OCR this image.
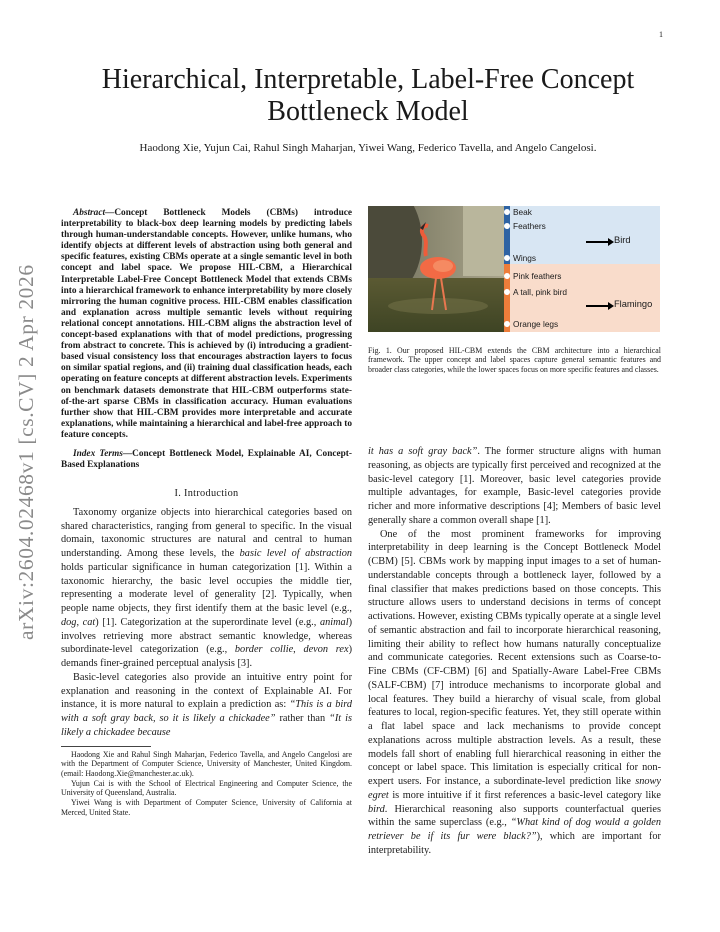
1
arXiv:2604.02468v1 [cs.CV] 2 Apr 2026
Hierarchical, Interpretable, Label-Free Concept Bottleneck Model
Haodong Xie, Yujun Cai, Rahul Singh Maharjan, Yiwei Wang, Federico Tavella, and Angelo Cangelosi.

Abstract—Concept Bottleneck Models (CBMs) introduce interpretability to black-box deep learning models by predicting labels through human-understandable concepts. However, unlike humans, who identify objects at different levels of abstraction using both general and specific features, existing CBMs operate at a single semantic level in both concept and label space. We propose HIL-CBM, a Hierarchical Interpretable Label-Free Concept Bottleneck Model that extends CBMs into a hierarchical framework to enhance interpretability by more closely mirroring the human cognitive process. HIL-CBM enables classification and explanation across multiple semantic levels without requiring relational concept annotations. HIL-CBM aligns the abstraction level of concept-based explanations with that of model predictions, progressing from abstract to concrete. This is achieved by (i) introducing a gradient-based visual consistency loss that encourages abstraction layers to focus on similar spatial regions, and (ii) training dual classification heads, each operating on feature concepts at different abstraction levels. Experiments on benchmark datasets demonstrate that HIL-CBM outperforms state-of-the-art sparse CBMs in classification accuracy. Human evaluations further show that HIL-CBM provides more interpretable and accurate explanations, while maintaining a hierarchical and label-free approach to feature concepts.

Index Terms—Concept Bottleneck Model, Explainable AI, Concept-Based Explanations

I. Introduction

Taxonomy organize objects into hierarchical categories based on shared characteristics, ranging from general to specific. In the visual domain, taxonomic structures are natural and central to human understanding. Among these levels, the basic level of abstraction holds particular significance in human categorization [1]. Within a taxonomic hierarchy, the basic level occupies the middle tier, representing a moderate level of generality [2]. Typically, when people name objects, they first identify them at the basic level (e.g., dog, cat) [1]. Categorization at the superordinate level (e.g., animal) involves retrieving more abstract semantic knowledge, whereas subordinate-level categorization (e.g., border collie, devon rex) demands finer-grained perceptual analysis [3].

Basic-level categories also provide an intuitive entry point for explanation and reasoning in the context of Explainable AI. For instance, it is more natural to explain a prediction as: “This is a bird with a soft gray back, so it is likely a chickadee” rather than “It is likely a chickadee because

Haodong Xie and Rahul Singh Maharjan, Federico Tavella, and Angelo Cangelosi are with the Department of Computer Science, University of Manchester, United Kingdom. (email: Haodong.Xie@manchester.ac.uk).

Yujun Cai is with the School of Electrical Engineering and Computer Science, the University of Queensland, Australia.

Yiwei Wang is with Department of Computer Science, University of California at Merced, United State.

Beak
Feathers
Wings
Pink feathers
A tall, pink bird
Orange legs
Bird
Flamingo
Fig. 1. Our proposed HIL-CBM extends the CBM architecture into a hierarchical framework. The upper concept and label spaces capture general semantic features and broader class categories, while the lower spaces focus on more specific features and classes.

it has a soft gray back”. The former structure aligns with human reasoning, as objects are typically first perceived and recognized at the basic-level category [1]. Moreover, basic level categories provide multiple advantages, for example, Basic-level categories provide richer and more informative descriptions [4]; Members of basic level generally share a common overall shape [1].

One of the most prominent frameworks for improving interpretability in deep learning is the Concept Bottleneck Model (CBM) [5]. CBMs work by mapping input images to a set of human-understandable concepts through a bottleneck layer, followed by a final classifier that makes predictions based on those concepts. This structure allows users to understand decisions in terms of concept activations. However, existing CBMs typically operate at a single level of semantic abstraction and fail to incorporate hierarchical reasoning, limiting their ability to reflect how humans naturally conceptualize and communicate categories. Recent extensions such as Coarse-to-Fine CBMs (CF-CBM) [6] and Spatially-Aware Label-Free CBMs (SALF-CBM) [7] introduce mechanisms to incorporate global and local features. They build a hierarchy of visual scale, from global features to local, region-specific features. Yet, they still operate within a flat label space and lack mechanisms to provide concept explanations across multiple abstraction levels. As a result, these models fall short of enabling full hierarchical reasoning in either the concept or label space. This limitation is especially critical for non-expert users. For instance, a subordinate-level prediction like snowy egret is more intuitive if it first references a basic-level category like bird. Hierarchical reasoning also supports counterfactual queries within the same superclass (e.g., “What kind of dog would a golden retriever be if its fur were black?”), which are important for interpretability.
